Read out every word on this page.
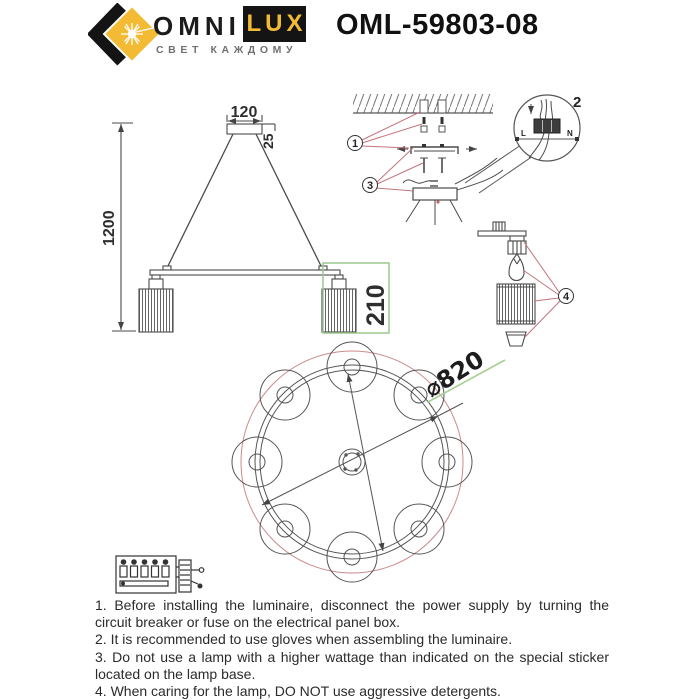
OMNI LUX
СВЕТ КАЖДОМУ
OML-59803-08
120
25
1200
210
1
3
L	N
2
4
⌀820
1. Before installing the luminaire, disconnect the power supply by turning the
circuit breaker or fuse on the electrical panel box.
2. It is recommended to use gloves when assembling the luminaire.
3. Do not use a lamp with a higher wattage than indicated on the special sticker
located on the lamp base.
4. When caring for the lamp, DO NOT use aggressive detergents.
